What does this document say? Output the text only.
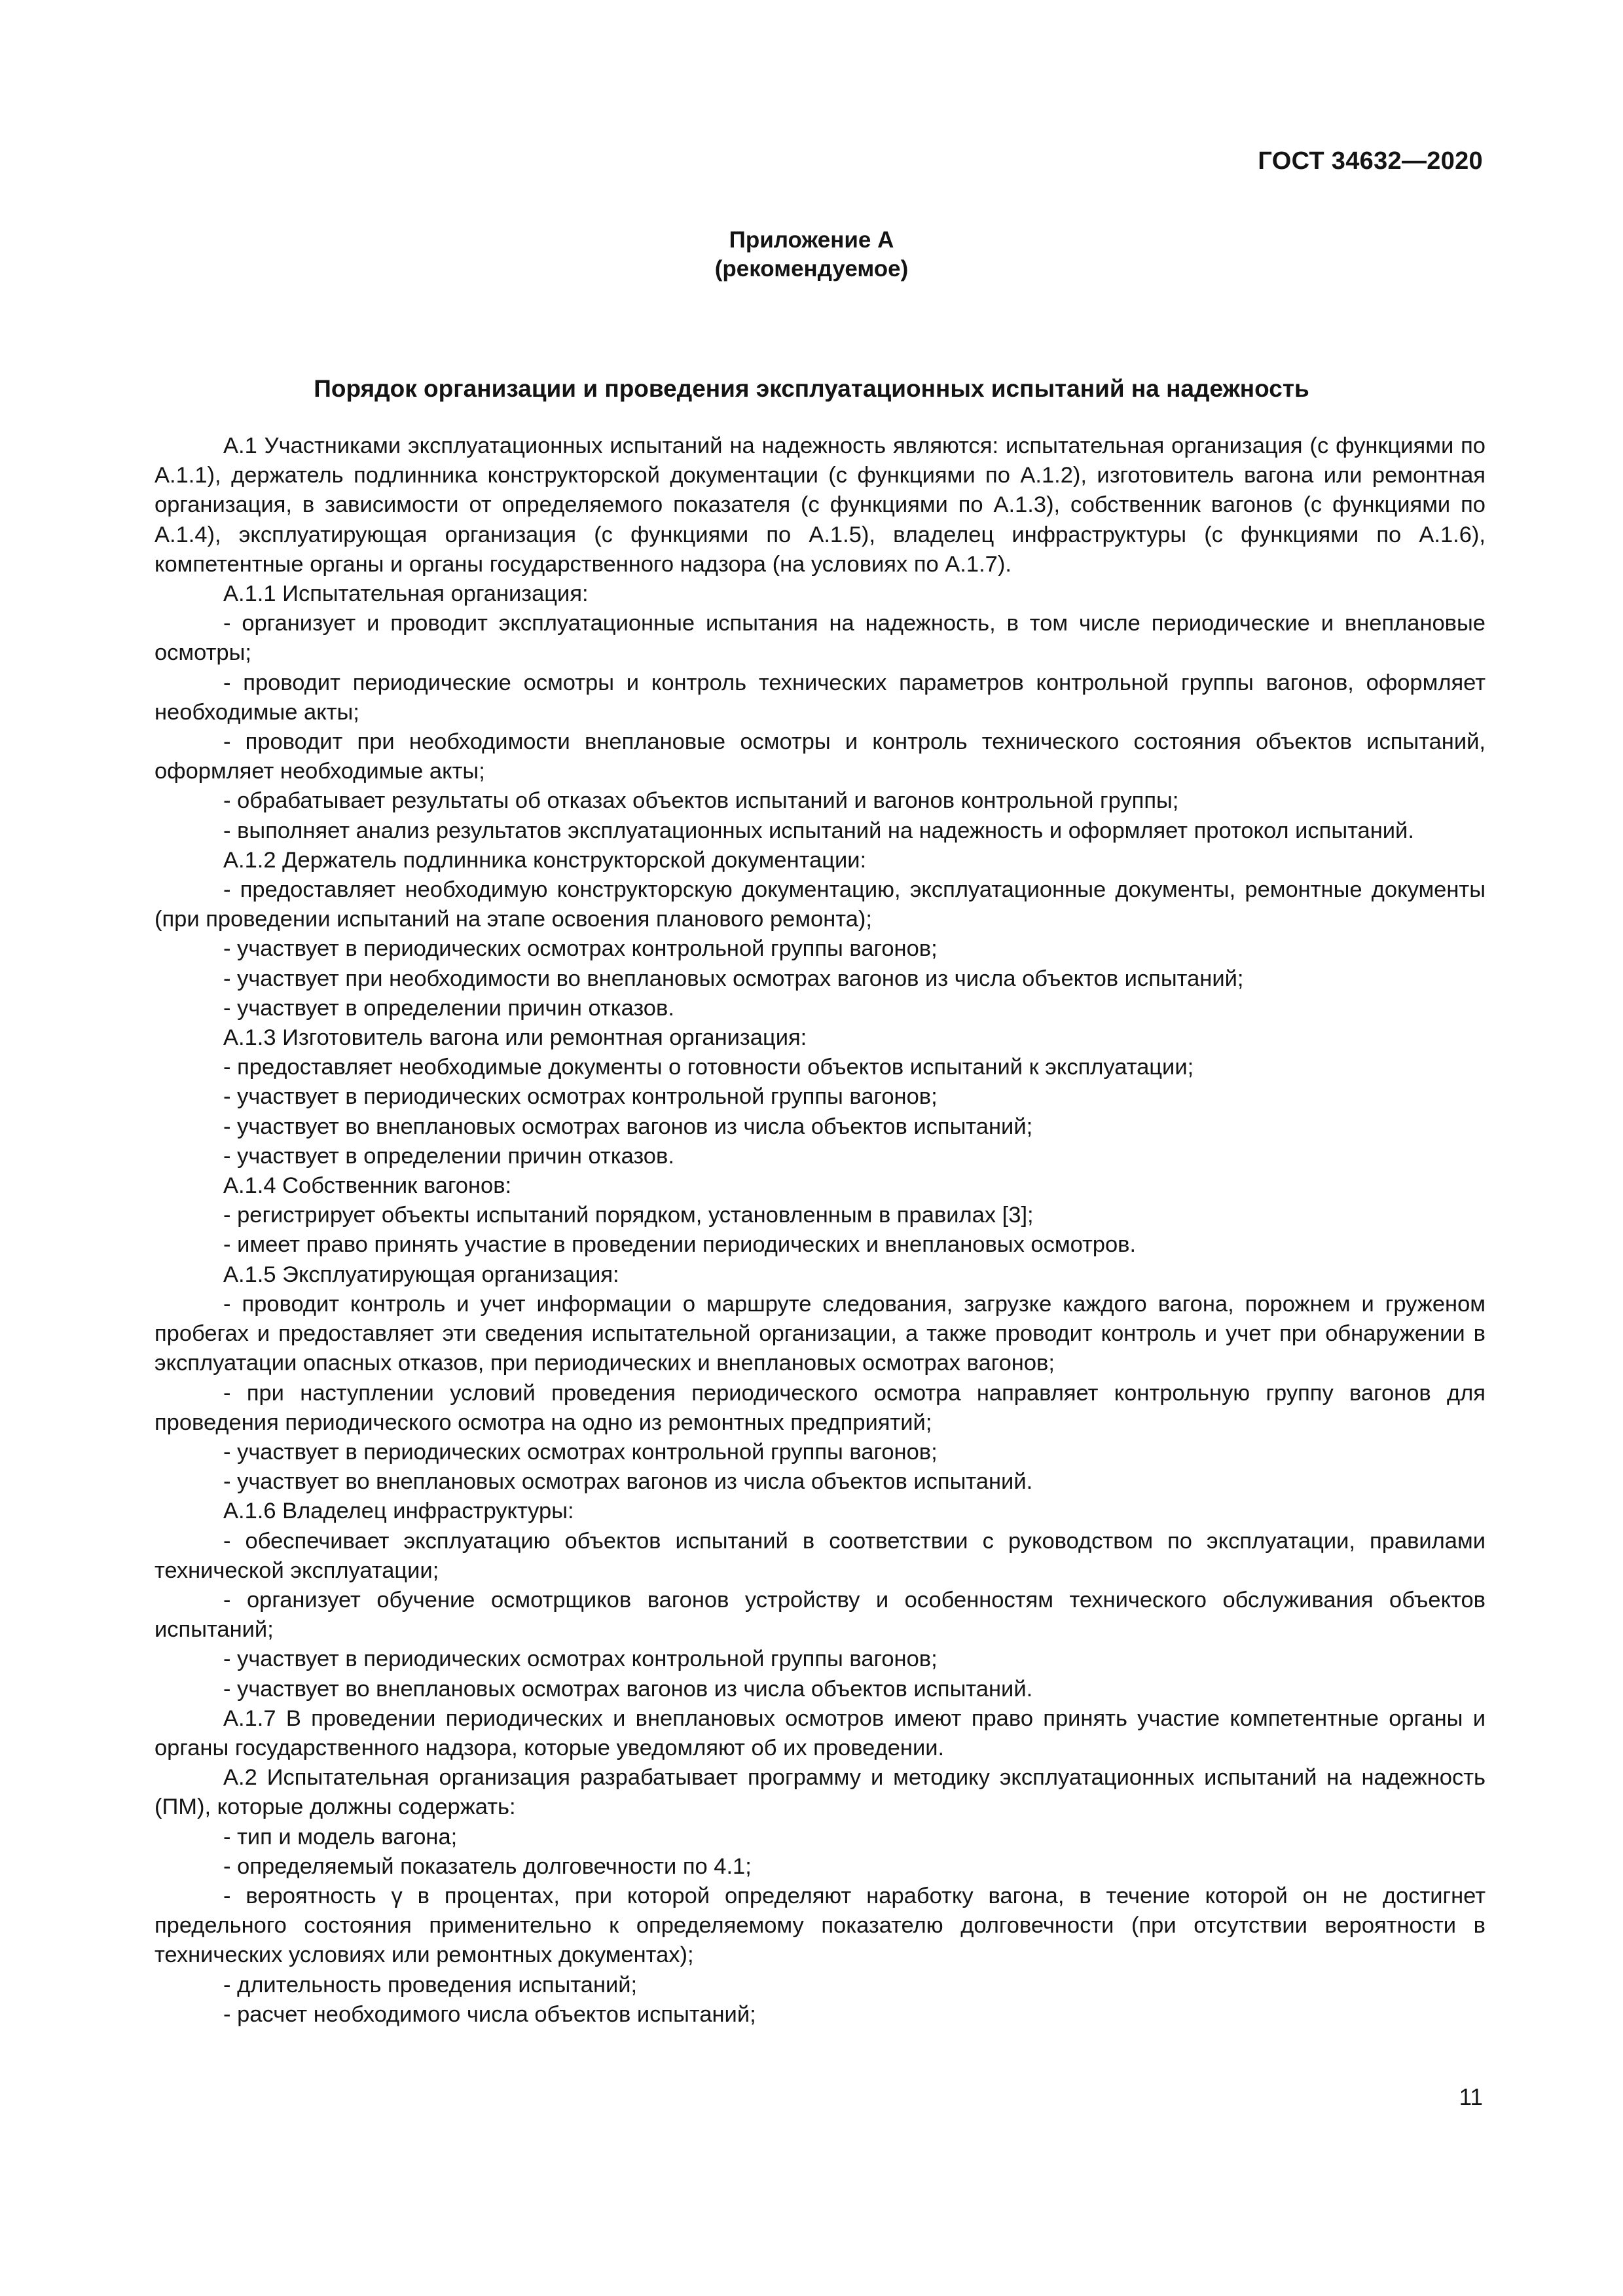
ГОСТ 34632—2020
Приложение А
(рекомендуемое)
Порядок организации и проведения эксплуатационных испытаний на надежность

А.1 Участниками эксплуатационных испытаний на надежность являются: испытательная организация (с функциями по А.1.1), держатель подлинника конструкторской документации (с функциями по А.1.2), изготовитель вагона или ремонтная организация, в зависимости от определяемого показателя (с функциями по А.1.3), собственник вагонов (с функциями по А.1.4), эксплуатирующая организация (с функциями по А.1.5), владелец инфраструктуры (с функциями по А.1.6), компетентные органы и органы государственного надзора (на условиях по А.1.7).

А.1.1 Испытательная организация:

- организует и проводит эксплуатационные испытания на надежность, в том числе периодические и внеплановые осмотры;

- проводит периодические осмотры и контроль технических параметров контрольной группы вагонов, оформляет необходимые акты;

- проводит при необходимости внеплановые осмотры и контроль технического состояния объектов испытаний, оформляет необходимые акты;

- обрабатывает результаты об отказах объектов испытаний и вагонов контрольной группы;

- выполняет анализ результатов эксплуатационных испытаний на надежность и оформляет протокол испытаний.

А.1.2 Держатель подлинника конструкторской документации:

- предоставляет необходимую конструкторскую документацию, эксплуатационные документы, ремонтные документы (при проведении испытаний на этапе освоения планового ремонта);

- участвует в периодических осмотрах контрольной группы вагонов;

- участвует при необходимости во внеплановых осмотрах вагонов из числа объектов испытаний;

- участвует в определении причин отказов.

А.1.3 Изготовитель вагона или ремонтная организация:

- предоставляет необходимые документы о готовности объектов испытаний к эксплуатации;

- участвует в периодических осмотрах контрольной группы вагонов;

- участвует во внеплановых осмотрах вагонов из числа объектов испытаний;

- участвует в определении причин отказов.

А.1.4 Собственник вагонов:

- регистрирует объекты испытаний порядком, установленным в правилах [3];

- имеет право принять участие в проведении периодических и внеплановых осмотров.

А.1.5 Эксплуатирующая организация:

- проводит контроль и учет информации о маршруте следования, загрузке каждого вагона, порожнем и груженом пробегах и предоставляет эти сведения испытательной организации, а также проводит контроль и учет при обнаружении в эксплуатации опасных отказов, при периодических и внеплановых осмотрах вагонов;

- при наступлении условий проведения периодического осмотра направляет контрольную группу вагонов для проведения периодического осмотра на одно из ремонтных предприятий;

- участвует в периодических осмотрах контрольной группы вагонов;

- участвует во внеплановых осмотрах вагонов из числа объектов испытаний.

А.1.6 Владелец инфраструктуры:

- обеспечивает эксплуатацию объектов испытаний в соответствии с руководством по эксплуатации, правилами технической эксплуатации;

- организует обучение осмотрщиков вагонов устройству и особенностям технического обслуживания объектов испытаний;

- участвует в периодических осмотрах контрольной группы вагонов;

- участвует во внеплановых осмотрах вагонов из числа объектов испытаний.

А.1.7 В проведении периодических и внеплановых осмотров имеют право принять участие компетентные органы и органы государственного надзора, которые уведомляют об их проведении.

А.2 Испытательная организация разрабатывает программу и методику эксплуатационных испытаний на надежность (ПМ), которые должны содержать:

- тип и модель вагона;

- определяемый показатель долговечности по 4.1;

- вероятность γ в процентах, при которой определяют наработку вагона, в течение которой он не достигнет предельного состояния применительно к определяемому показателю долговечности (при отсутствии вероятности в технических условиях или ремонтных документах);

- длительность проведения испытаний;

- расчет необходимого числа объектов испытаний;

11
